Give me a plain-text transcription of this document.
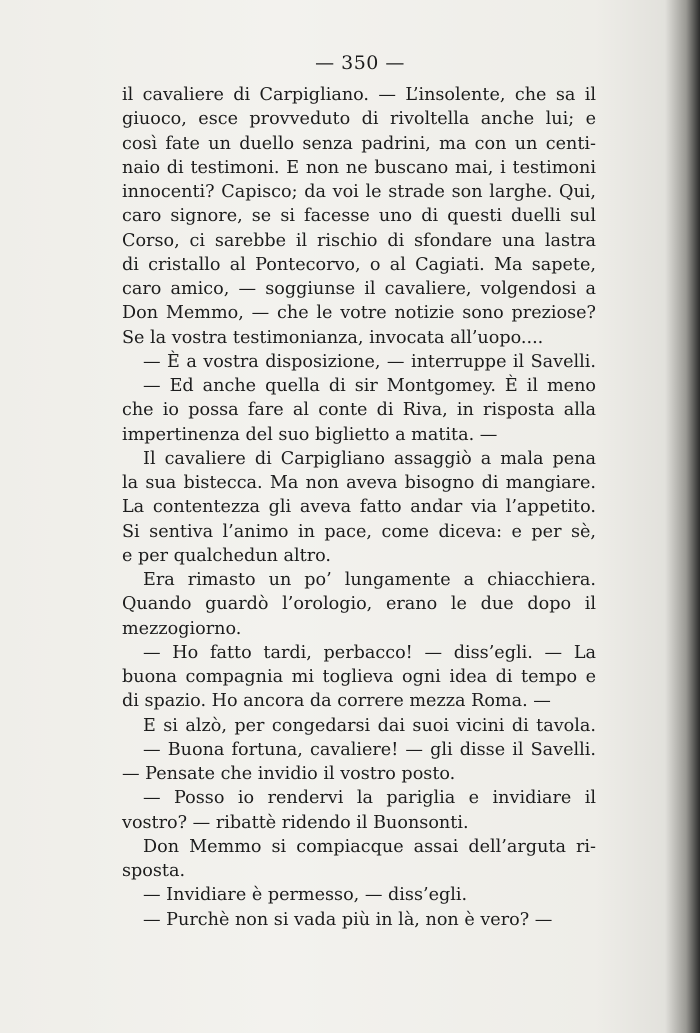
— 350 —
il cavaliere di Carpigliano. — L’insolente, che sa il
giuoco, esce provveduto di rivoltella anche lui; e
così fate un duello senza padrini, ma con un centi-
naio di testimoni. E non ne buscano mai, i testimoni
innocenti? Capisco; da voi le strade son larghe. Qui,
caro signore, se si facesse uno di questi duelli sul
Corso, ci sarebbe il rischio di sfondare una lastra
di cristallo al Pontecorvo, o al Cagiati. Ma sapete,
caro amico, — soggiunse il cavaliere, volgendosi a
Don Memmo, — che le votre notizie sono preziose?
Se la vostra testimonianza, invocata all’uopo....
— È a vostra disposizione, — interruppe il Savelli.
— Ed anche quella di sir Montgomey. È il meno
che io possa fare al conte di Riva, in risposta alla
impertinenza del suo biglietto a matita. —
Il cavaliere di Carpigliano assaggiò a mala pena
la sua bistecca. Ma non aveva bisogno di mangiare.
La contentezza gli aveva fatto andar via l’appetito.
Si sentiva l’animo in pace, come diceva: e per sè,
e per qualchedun altro.
Era rimasto un po’ lungamente a chiacchiera.
Quando guardò l’orologio, erano le due dopo il
mezzogiorno.
— Ho fatto tardi, perbacco! — diss’egli. — La
buona compagnia mi toglieva ogni idea di tempo e
di spazio. Ho ancora da correre mezza Roma. —
E si alzò, per congedarsi dai suoi vicini di tavola.
— Buona fortuna, cavaliere! — gli disse il Savelli.
— Pensate che invidio il vostro posto.
— Posso io rendervi la pariglia e invidiare il
vostro? — ribattè ridendo il Buonsonti.
Don Memmo si compiacque assai dell’arguta ri-
sposta.
— Invidiare è permesso, — diss’egli.
— Purchè non si vada più in là, non è vero? —
